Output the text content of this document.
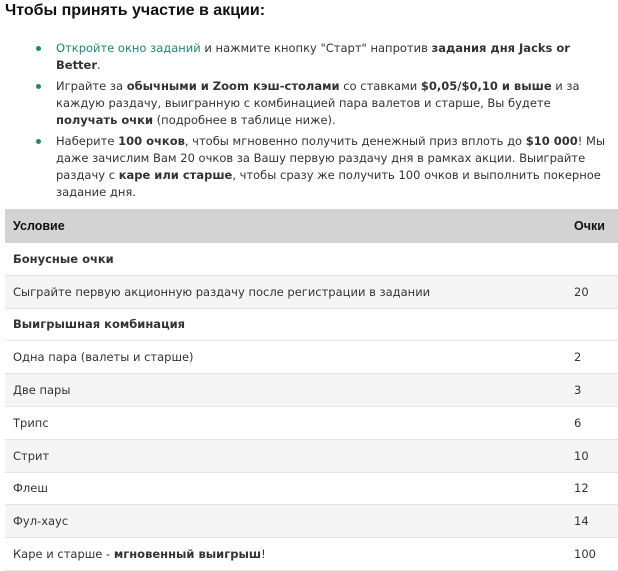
Чтобы принять участие в акции:
Откройте окно заданий и нажмите кнопку "Старт" напротив задания дня Jacks or Better.
Играйте за обычными и Zoom кэш-столами со ставками $0,05/$0,10 и выше и за каждую раздачу, выигранную с комбинацией пара валетов и старше, Вы будете получать очки (подробнее в таблице ниже).
Наберите 100 очков, чтобы мгновенно получить денежный приз вплоть до $10 000! Мы даже зачислим Вам 20 очков за Вашу первую раздачу дня в рамках акции. Выиграйте раздачу с каре или старше, чтобы сразу же получить 100 очков и выполнить покерное задание дня.
Условие	Очки
Бонусные очки	
Сыграйте первую акционную раздачу после регистрации в задании	20
Выигрышная комбинация	
Одна пара (валеты и старше)	2
Две пары	3
Трипс	6
Стрит	10
Флеш	12
Фул-хаус	14
Каре и старше - мгновенный выигрыш!	100
